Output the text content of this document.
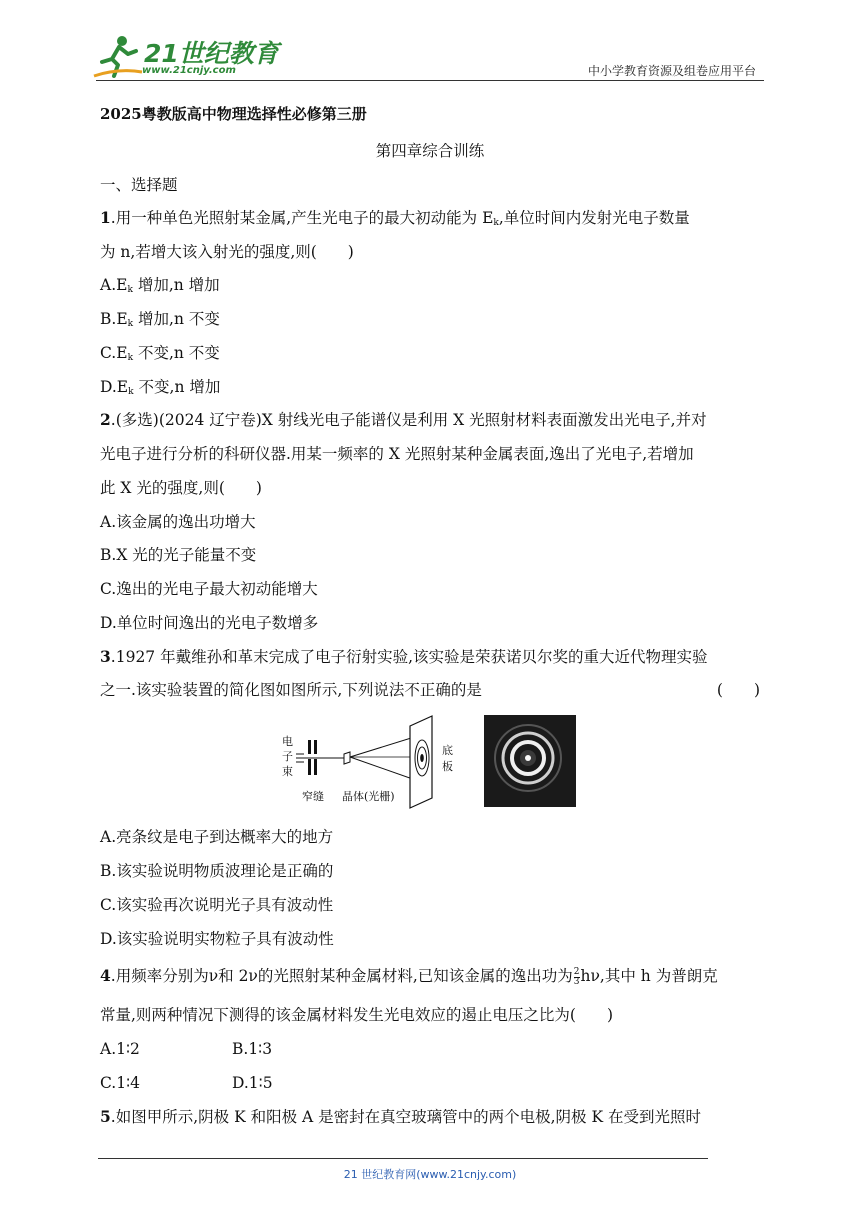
21世纪教育
www.21cnjy.com	中小学教育资源及组卷应用平台
2025粤教版高中物理选择性必修第三册
第四章综合训练
一、选择题
1.用一种单色光照射某金属,产生光电子的最大初动能为 $E_k$,单位时间内发射光电子数量
为 n,若增大该入射光的强度,则(　　)
$A.E_k$ 增加,n 增加
$B.E_k$ 增加,n 不变
$C.E_k$ 不变,n 不变
$D.E_k$ 不变,n 增加
2.(多选)(2024 辽宁卷)X 射线光电子能谱仪是利用 X 光照射材料表面激发出光电子,并对
光电子进行分析的科研仪器.用某一频率的 X 光照射某种金属表面,逸出了光电子,若增加
此 X 光的强度,则(　　)
A.该金属的逸出功增大
B.X 光的光子能量不变
C.逸出的光电子最大初动能增大
D.单位时间逸出的光电子数增多
3.1927 年戴维孙和革末完成了电子衍射实验,该实验是荣获诺贝尔奖的重大近代物理实验
之一.该实验装置的简化图如图所示,下列说法不正确的是	(　　)
电
子
束
窄缝 晶体(光栅)
底
板
A.亮条纹是电子到达概率大的地方
B.该实验说明物质波理论是正确的
C.该实验再次说明光子具有波动性
D.该实验说明实物粒子具有波动性
4.用频率分别为ν和 2ν的光照射某种金属材料,已知该金属的逸出功为 $\frac{2}{3} h\nu$,其中 h 为普朗克
常量,则两种情况下测得的该金属材料发生光电效应的遏止电压之比为(　　)
A.1∶2	B.1∶3
C.1∶4	D.1∶5
5.如图甲所示,阴极 K 和阳极 A 是密封在真空玻璃管中的两个电极,阴极 K 在受到光照时
21 世纪教育网(www.21cnjy.com)
